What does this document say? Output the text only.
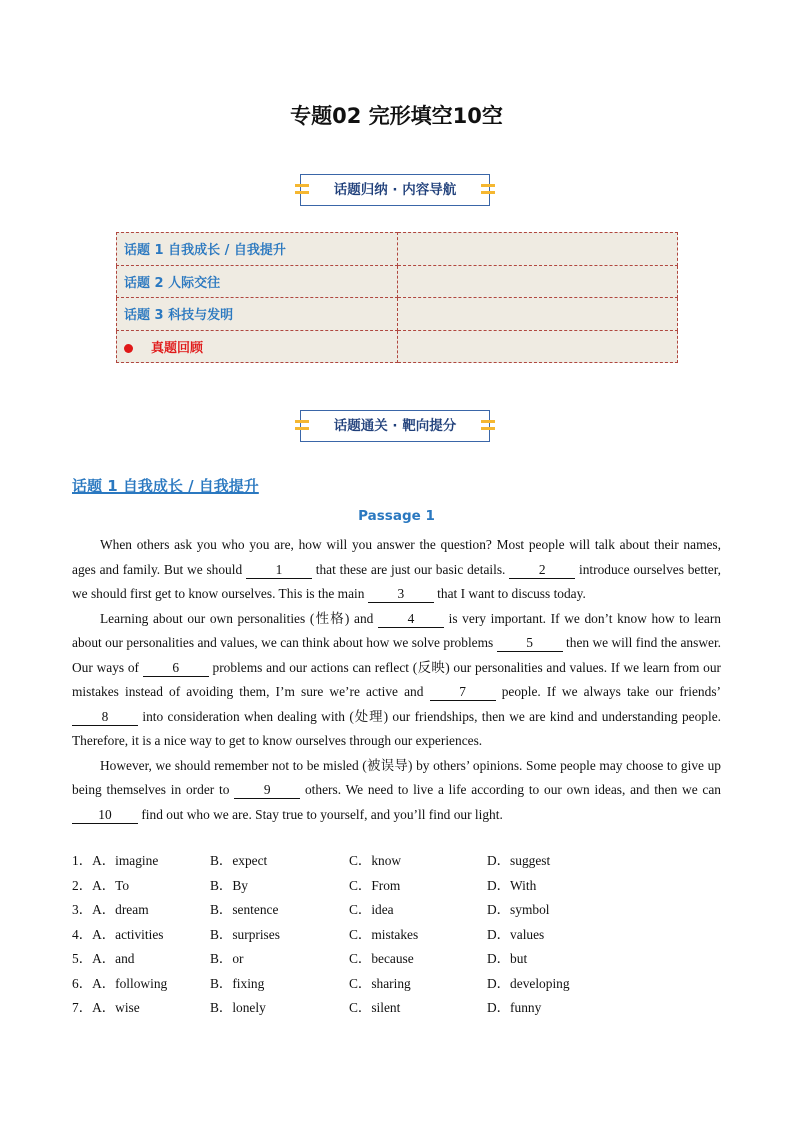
专题02 完形填空10空
话题归纳 · 内容导航
话题 1 自我成长 / 自我提升	
话题 2 人际交往	
话题 3 科技与发明	
真题回顾	
话题通关 · 靶向提分
话题 1 自我成长 / 自我提升
Passage 1

When others ask you who you are, how will you answer the question? Most people will talk about their names, ages and family. But we should 1 that these are just our basic details. 2 introduce ourselves better, we should first get to know ourselves. This is the main 3 that I want to discuss today.

Learning about our own personalities (性格) and 4 is very important. If we don’t know how to learn about our personalities and values, we can think about how we solve problems 5 then we will find the answer. Our ways of 6 problems and our actions can reflect (反映) our personalities and values. If we learn from our mistakes instead of avoiding them, I’m sure we’re active and 7 people. If we always take our friends’ 8 into consideration when dealing with (处理) our friendships, then we are kind and understanding people. Therefore, it is a nice way to get to know ourselves through our experiences.

However, we should remember not to be misled (被误导) by others’ opinions. Some people may choose to give up being themselves in order to 9 others. We need to live a life according to our own ideas, and then we can 10 find out who we are. Stay true to yourself, and you’ll find our light.

1．A．imagine	B．expect	C．know	D．suggest
2．A．To	B．By	C．From	D．With
3．A．dream	B．sentence	C．idea	D．symbol
4．A．activities	B．surprises	C．mistakes	D．values
5．A．and	B．or	C．because	D．but
6．A．following	B．fixing	C．sharing	D．developing
7．A．wise	B．lonely	C．silent	D．funny
